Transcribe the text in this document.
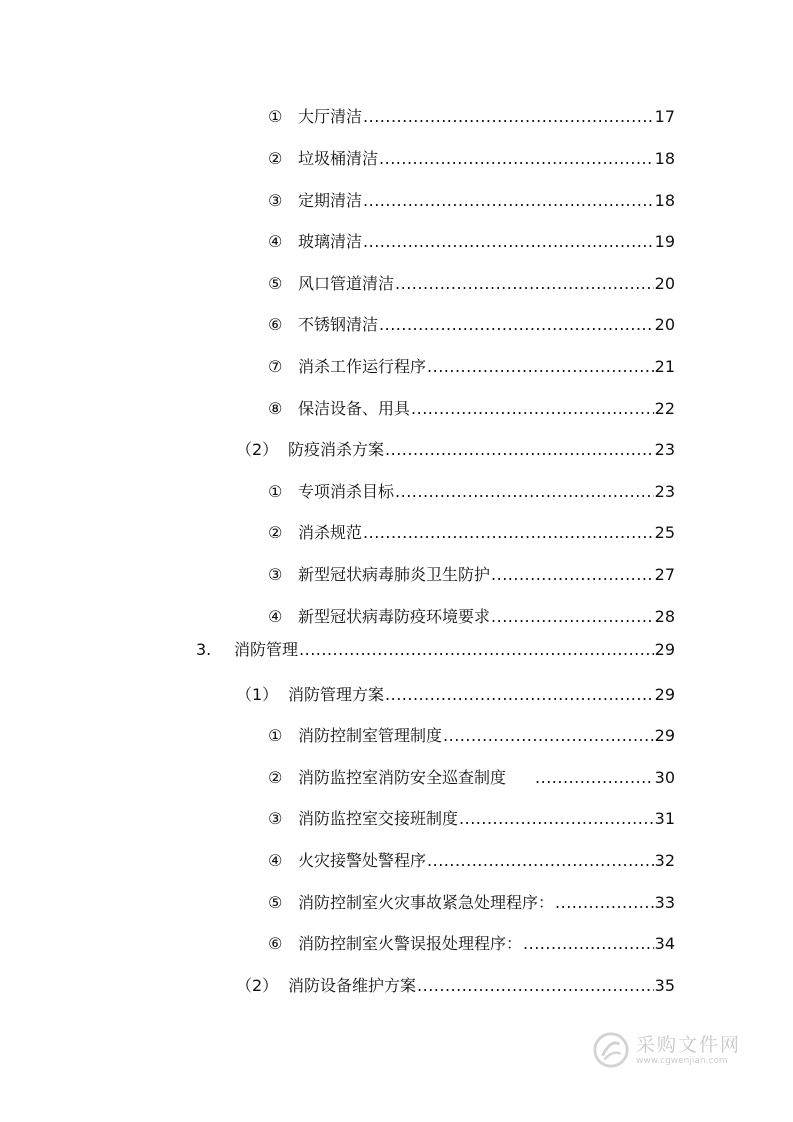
① 大厅清洁 .....	17
② 垃圾桶清洁 .....	18
③ 定期清洁 .....	18
④ 玻璃清洁 .....	19
⑤ 风口管道清洁 .....	20
⑥ 不锈钢清洁 .....	20
⑦ 消杀工作运行程序 .....	21
⑧ 保洁设备、用具 .....	22
（2） 防疫消杀方案 .....	23
① 专项消杀目标 .....	23
② 消杀规范 .....	25
③ 新型冠状病毒肺炎卫生防护 .....	27
④ 新型冠状病毒防疫环境要求 .....	28
3.	消防管理 .....	29
（1） 消防管理方案 .....	29
① 消防控制室管理制度 .....	29
② 消防监控室消防安全巡查制度 .....	30
③ 消防监控室交接班制度 .....	31
④ 火灾接警处警程序 .....	32
⑤ 消防控制室火灾事故紧急处理程序： .....	33
⑥ 消防控制室火警误报处理程序： .....	34
（2） 消防设备维护方案 .....	35
采购文件网
www.cgwenjian.com
